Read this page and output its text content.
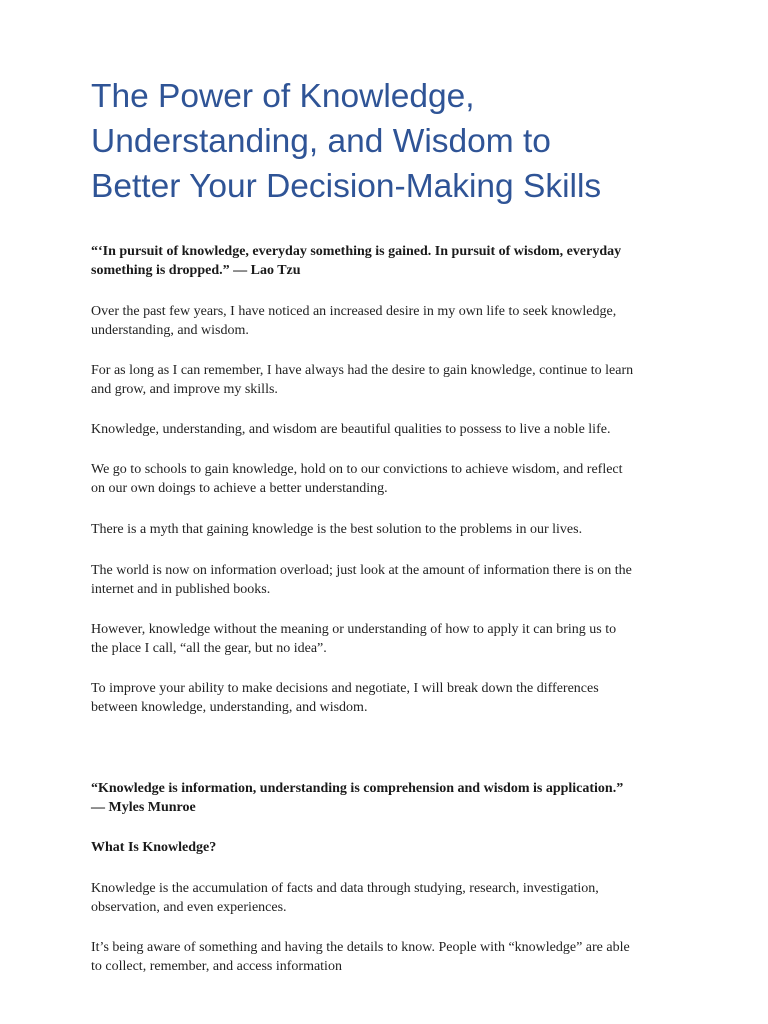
The Power of Knowledge,
Understanding, and Wisdom to
Better Your Decision-Making Skills

“‘In pursuit of knowledge, everyday something is gained. In pursuit of wisdom, everyday
something is dropped.” — Lao Tzu

Over the past few years, I have noticed an increased desire in my own life to seek knowledge,
understanding, and wisdom.

For as long as I can remember, I have always had the desire to gain knowledge, continue to learn
and grow, and improve my skills.

Knowledge, understanding, and wisdom are beautiful qualities to possess to live a noble life.

We go to schools to gain knowledge, hold on to our convictions to achieve wisdom, and reflect
on our own doings to achieve a better understanding.

There is a myth that gaining knowledge is the best solution to the problems in our lives.

The world is now on information overload; just look at the amount of information there is on the
internet and in published books.

However, knowledge without the meaning or understanding of how to apply it can bring us to
the place I call, “all the gear, but no idea”.

To improve your ability to make decisions and negotiate, I will break down the differences
between knowledge, understanding, and wisdom.

“Knowledge is information, understanding is comprehension and wisdom is application.”
— Myles Munroe

What Is Knowledge?

Knowledge is the accumulation of facts and data through studying, research, investigation,
observation, and even experiences.

It’s being aware of something and having the details to know. People with “knowledge” are able
to collect, remember, and access information
